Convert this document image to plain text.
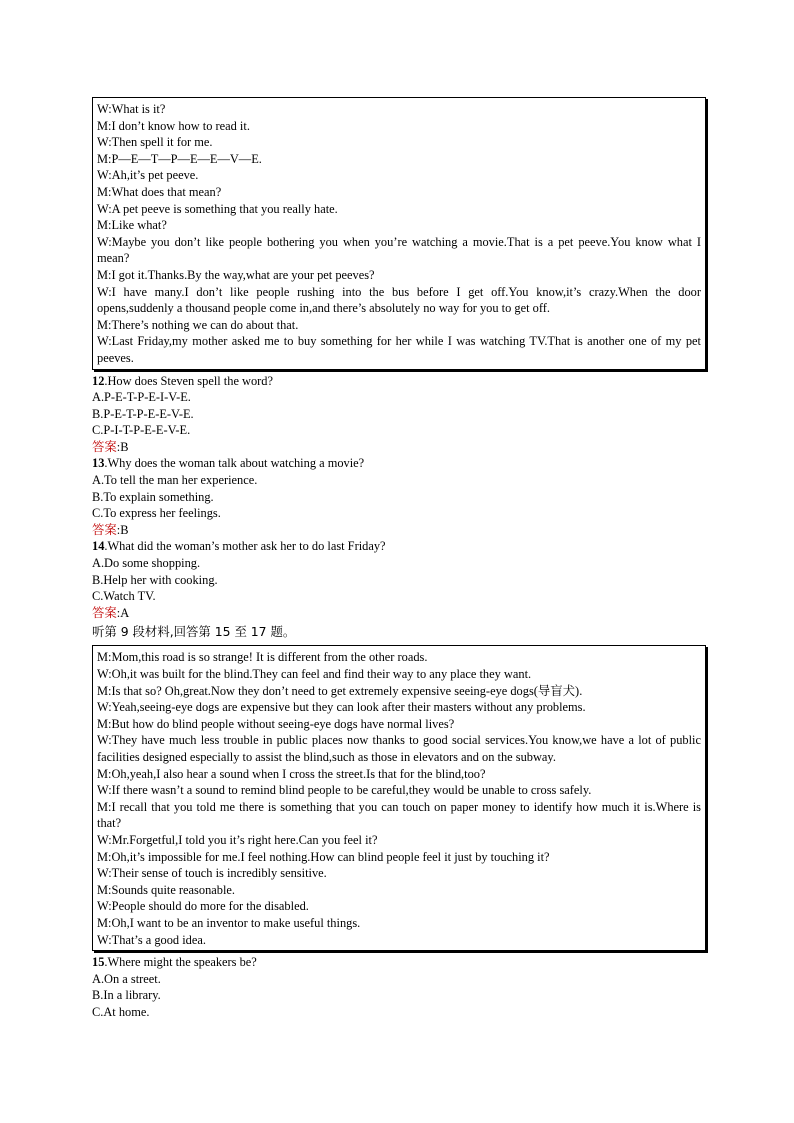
W:What is it?
M:I don’t know how to read it.
W:Then spell it for me.
M:P—E—T—P—E—E—V—E.
W:Ah,it’s pet peeve.
M:What does that mean?
W:A pet peeve is something that you really hate.
M:Like what?
W:Maybe you don’t like people bothering you when you’re watching a movie.That is a pet peeve.You know what I mean?
M:I got it.Thanks.By the way,what are your pet peeves?
W:I have many.I don’t like people rushing into the bus before I get off.You know,it’s crazy.When the door opens,suddenly a thousand people come in,and there’s absolutely no way for you to get off.
M:There’s nothing we can do about that.
W:Last Friday,my mother asked me to buy something for her while I was watching TV.That is another one of my pet peeves.
12.How does Steven spell the word?
A.P-E-T-P-E-I-V-E.
B.P-E-T-P-E-E-V-E.
C.P-I-T-P-E-E-V-E.
答案:B
13.Why does the woman talk about watching a movie?
A.To tell the man her experience.
B.To explain something.
C.To express her feelings.
答案:B
14.What did the woman’s mother ask her to do last Friday?
A.Do some shopping.
B.Help her with cooking.
C.Watch TV.
答案:A
听第 9 段材料,回答第 15 至 17 题。
M:Mom,this road is so strange! It is different from the other roads.
W:Oh,it was built for the blind.They can feel and find their way to any place they want.
M:Is that so? Oh,great.Now they don’t need to get extremely expensive seeing-eye dogs(导盲犬).
W:Yeah,seeing-eye dogs are expensive but they can look after their masters without any problems.
M:But how do blind people without seeing-eye dogs have normal lives?
W:They have much less trouble in public places now thanks to good social services.You know,we have a lot of public facilities designed especially to assist the blind,such as those in elevators and on the subway.
M:Oh,yeah,I also hear a sound when I cross the street.Is that for the blind,too?
W:If there wasn’t a sound to remind blind people to be careful,they would be unable to cross safely.
M:I recall that you told me there is something that you can touch on paper money to identify how much it is.Where is that?
W:Mr.Forgetful,I told you it’s right here.Can you feel it?
M:Oh,it’s impossible for me.I feel nothing.How can blind people feel it just by touching it?
W:Their sense of touch is incredibly sensitive.
M:Sounds quite reasonable.
W:People should do more for the disabled.
M:Oh,I want to be an inventor to make useful things.
W:That’s a good idea.
15.Where might the speakers be?
A.On a street.
B.In a library.
C.At home.
